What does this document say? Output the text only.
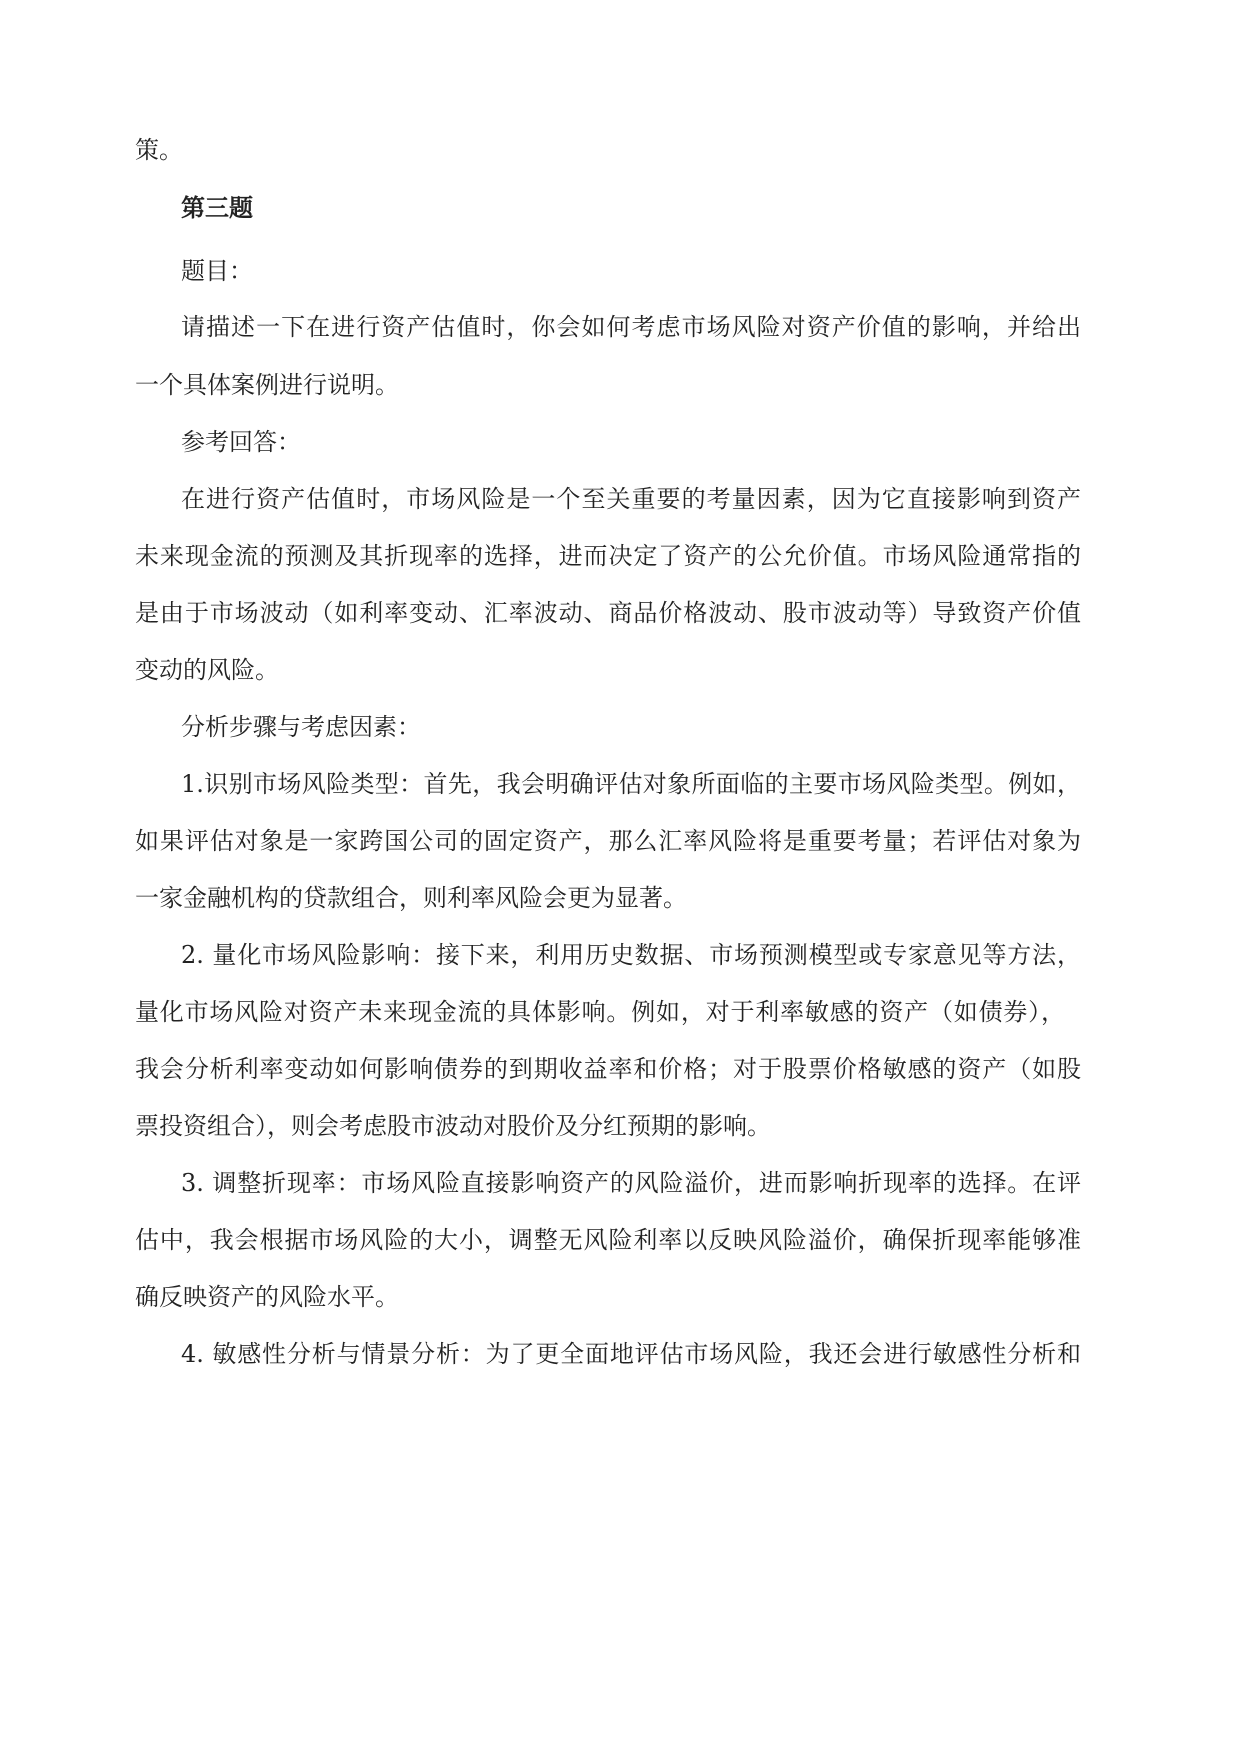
策。
第三题
题目：
请描述一下在进行资产估值时，你会如何考虑市场风险对资产价值的影响，并给出
一个具体案例进行说明。
参考回答：
在进行资产估值时，市场风险是一个至关重要的考量因素，因为它直接影响到资产
未来现金流的预测及其折现率的选择，进而决定了资产的公允价值。市场风险通常指的
是由于市场波动（如利率变动、汇率波动、商品价格波动、股市波动等）导致资产价值
变动的风险。
分析步骤与考虑因素：
1.识别市场风险类型：首先，我会明确评估对象所面临的主要市场风险类型。例如，
如果评估对象是一家跨国公司的固定资产，那么汇率风险将是重要考量；若评估对象为
一家金融机构的贷款组合，则利率风险会更为显著。
2. 量化市场风险影响：接下来，利用历史数据、市场预测模型或专家意见等方法，
量化市场风险对资产未来现金流的具体影响。例如，对于利率敏感的资产（如债券），
我会分析利率变动如何影响债券的到期收益率和价格；对于股票价格敏感的资产（如股
票投资组合），则会考虑股市波动对股价及分红预期的影响。
3. 调整折现率：市场风险直接影响资产的风险溢价，进而影响折现率的选择。在评
估中，我会根据市场风险的大小，调整无风险利率以反映风险溢价，确保折现率能够准
确反映资产的风险水平。
4. 敏感性分析与情景分析：为了更全面地评估市场风险，我还会进行敏感性分析和
